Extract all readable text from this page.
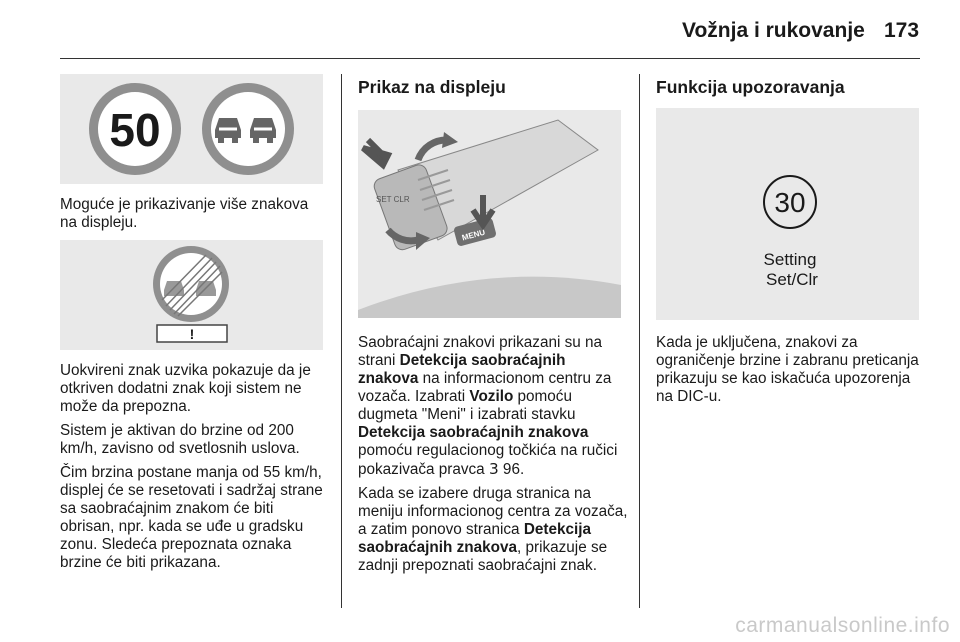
Vožnja i rukovanje 173
50

Moguće je prikazivanje više znakova na displeju.

!

Uokvireni znak uzvika pokazuje da je otkriven dodatni znak koji sistem ne može da prepozna.

Sistem je aktivan do brzine od 200 km/h, zavisno od svetlosnih uslova.

Čim brzina postane manja od 55 km/h, displej će se resetovati i sadržaj strane sa saobraćajnim znakom će biti obrisan, npr. kada se uđe u gradsku zonu. Sledeća prepoznata oznaka brzine će biti prikazana.

Prikaz na displeju
SET CLR
MENU

Saobraćajni znakovi prikazani su na strani Detekcija saobraćajnih znakova na informacionom centru za vozača. Izabrati Vozilo pomoću dugmeta "Meni" i izabrati stavku Detekcija saobraćajnih znakova pomoću regulacionog točkića na ručici pokazivača pravca 3 96.

Kada se izabere druga stranica na meniju informacionog centra za vozača, a zatim ponovo stranica Detekcija saobraćajnih znakova, prikazuje se zadnji prepoznati saobraćajni znak.

Funkcija upozoravanja
30
Setting
Set/Clr

Kada je uključena, znakovi za ograničenje brzine i zabranu preticanja prikazuju se kao iskačuća upozorenja na DIC-u.

carmanualsonline.info
